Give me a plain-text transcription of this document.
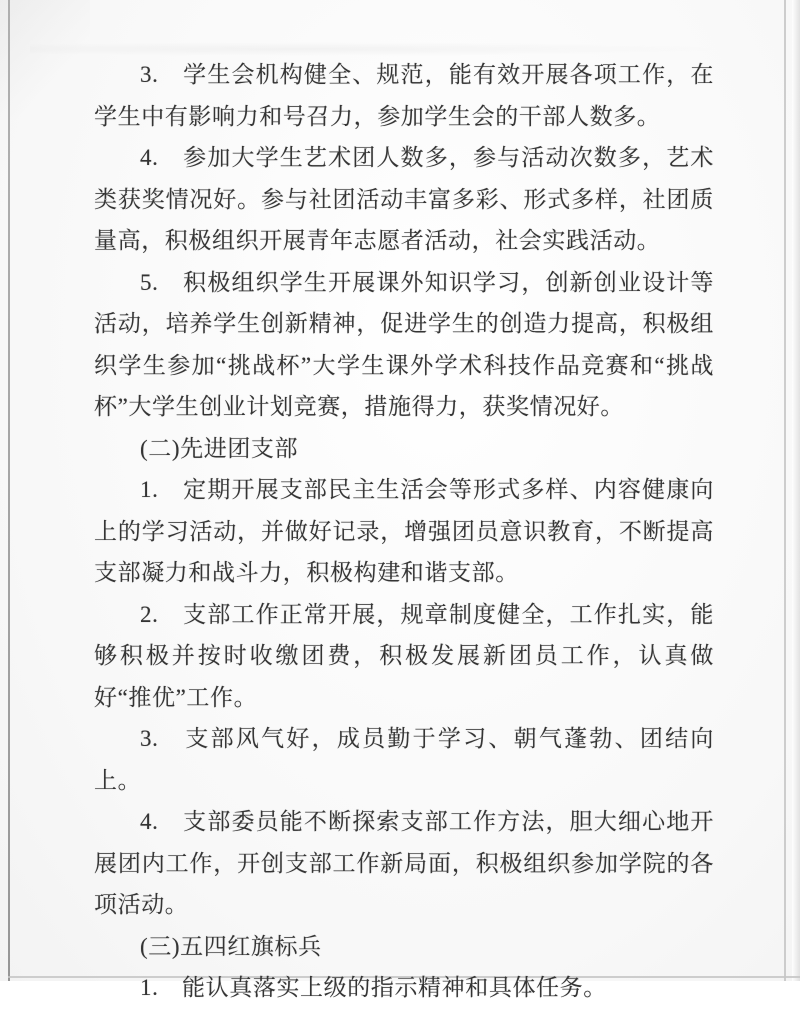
3.　学生会机构健全、规范，能有效开展各项工作，在学生中有影响力和号召力，参加学生会的干部人数多。

4.　参加大学生艺术团人数多，参与活动次数多，艺术类获奖情况好。参与社团活动丰富多彩、形式多样，社团质量高，积极组织开展青年志愿者活动，社会实践活动。

5.　积极组织学生开展课外知识学习，创新创业设计等活动，培养学生创新精神，促进学生的创造力提高，积极组织学生参加“挑战杯”大学生课外学术科技作品竞赛和“挑战杯”大学生创业计划竞赛，措施得力，获奖情况好。

(二)先进团支部

1.　定期开展支部民主生活会等形式多样、内容健康向上的学习活动，并做好记录，增强团员意识教育，不断提高支部凝力和战斗力，积极构建和谐支部。

2.　支部工作正常开展，规章制度健全，工作扎实，能够积极并按时收缴团费，积极发展新团员工作，认真做好“推优”工作。

3.　支部风气好，成员勤于学习、朝气蓬勃、团结向上。

4.　支部委员能不断探索支部工作方法，胆大细心地开展团内工作，开创支部工作新局面，积极组织参加学院的各项活动。

(三)五四红旗标兵

1.　能认真落实上级的指示精神和具体任务。
